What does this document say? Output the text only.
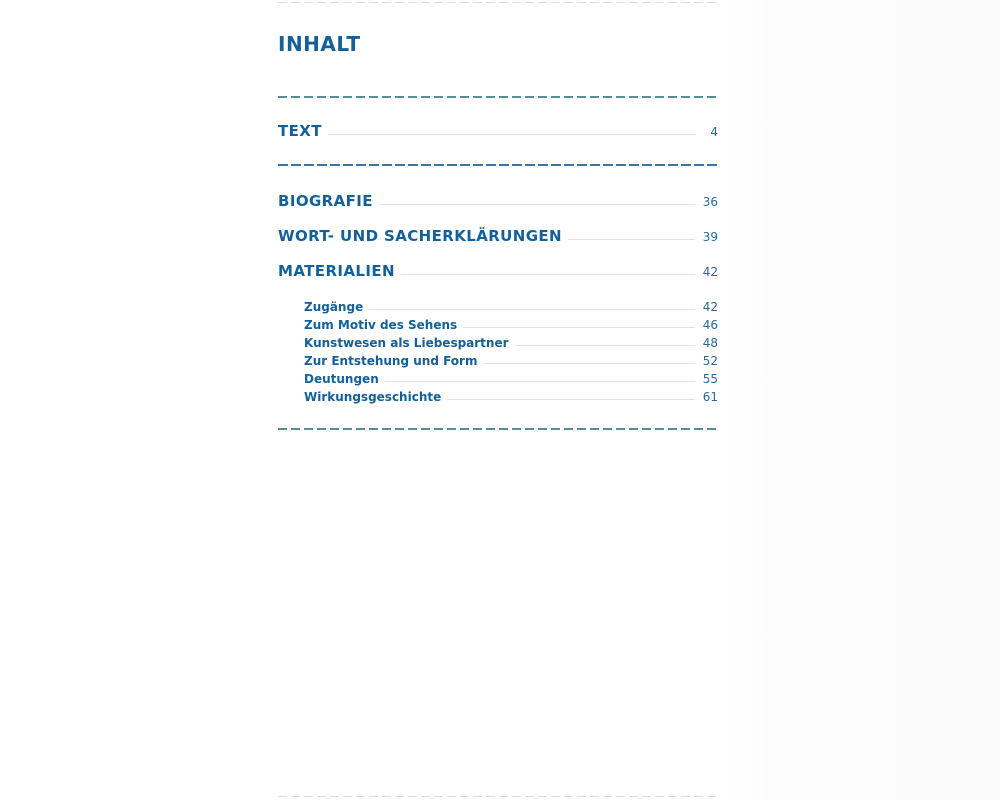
INHALT
TEXT	4
BIOGRAFIE	36
WORT- UND SACHERKLÄRUNGEN	39
MATERIALIEN	42
Zugänge	42
Zum Motiv des Sehens	46
Kunstwesen als Liebespartner	48
Zur Entstehung und Form	52
Deutungen	55
Wirkungsgeschichte	61
